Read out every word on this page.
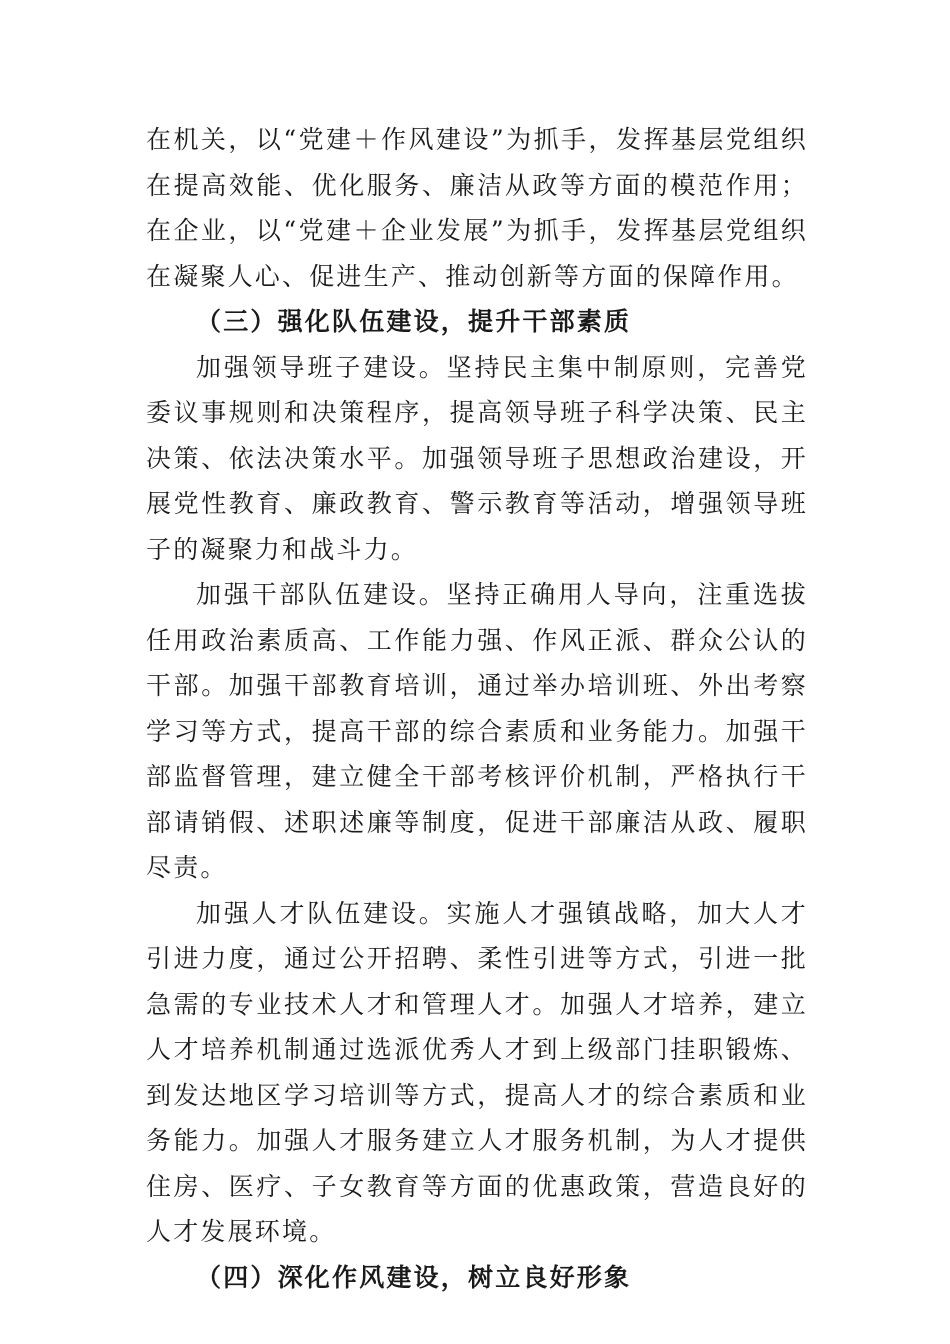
在机关，以“党建＋作风建设”为抓手，发挥基层党组织在提高效能、优化服务、廉洁从政等方面的模范作用；在企业，以“党建＋企业发展”为抓手，发挥基层党组织在凝聚人心、促进生产、推动创新等方面的保障作用。

（三）强化队伍建设，提升干部素质

加强领导班子建设。坚持民主集中制原则，完善党委议事规则和决策程序，提高领导班子科学决策、民主决策、依法决策水平。加强领导班子思想政治建设，开展党性教育、廉政教育、警示教育等活动，增强领导班子的凝聚力和战斗力。

加强干部队伍建设。坚持正确用人导向，注重选拔任用政治素质高、工作能力强、作风正派、群众公认的干部。加强干部教育培训，通过举办培训班、外出考察学习等方式，提高干部的综合素质和业务能力。加强干部监督管理，建立健全干部考核评价机制，严格执行干部请销假、述职述廉等制度，促进干部廉洁从政、履职尽责。

加强人才队伍建设。实施人才强镇战略，加大人才引进力度，通过公开招聘、柔性引进等方式，引进一批急需的专业技术人才和管理人才。加强人才培养，建立人才培养机制通过选派优秀人才到上级部门挂职锻炼、到发达地区学习培训等方式，提高人才的综合素质和业务能力。加强人才服务建立人才服务机制，为人才提供住房、医疗、子女教育等方面的优惠政策，营造良好的人才发展环境。

（四）深化作风建设，树立良好形象
